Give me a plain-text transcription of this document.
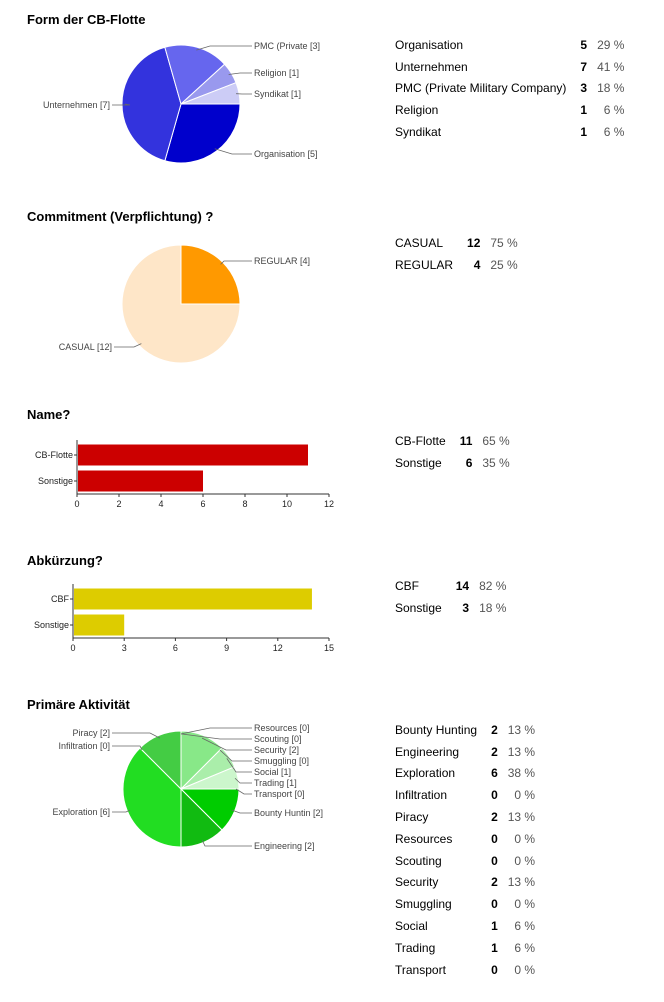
Form der CB-Flotte
Organisation [5]
Unternehmen [7]
PMC (Private [3]
Religion [1]
Syndikat [1]
Organisation	5	29 %
Unternehmen	7	41 %
PMC (Private Military Company)	3	18 %
Religion	1	6 %
Syndikat	1	6 %
Commitment (Verpflichtung) ?
REGULAR [4]
CASUAL [12]
CASUAL	12	75 %
REGULAR	4	25 %
Name?
0	2	4	6	8	10	12
CB-Flotte
Sonstige
CB-Flotte	11	65 %
Sonstige	6	35 %
Abkürzung?
0	3	6	9	12	15
CBF
Sonstige
CBF	14	82 %
Sonstige	3	18 %
Primäre Aktivität
Bounty Huntin [2]
Engineering [2]
Exploration [6]
Infiltration [0]
Piracy [2]	Resources [0]
Scouting [0]
Security [2]
Smuggling [0]
Social [1]
Trading [1]
Transport [0]
Bounty Hunting	2	13 %
Engineering	2	13 %
Exploration	6	38 %
Infiltration	0	0 %
Piracy	2	13 %
Resources	0	0 %
Scouting	0	0 %
Security	2	13 %
Smuggling	0	0 %
Social	1	6 %
Trading	1	6 %
Transport	0	0 %
